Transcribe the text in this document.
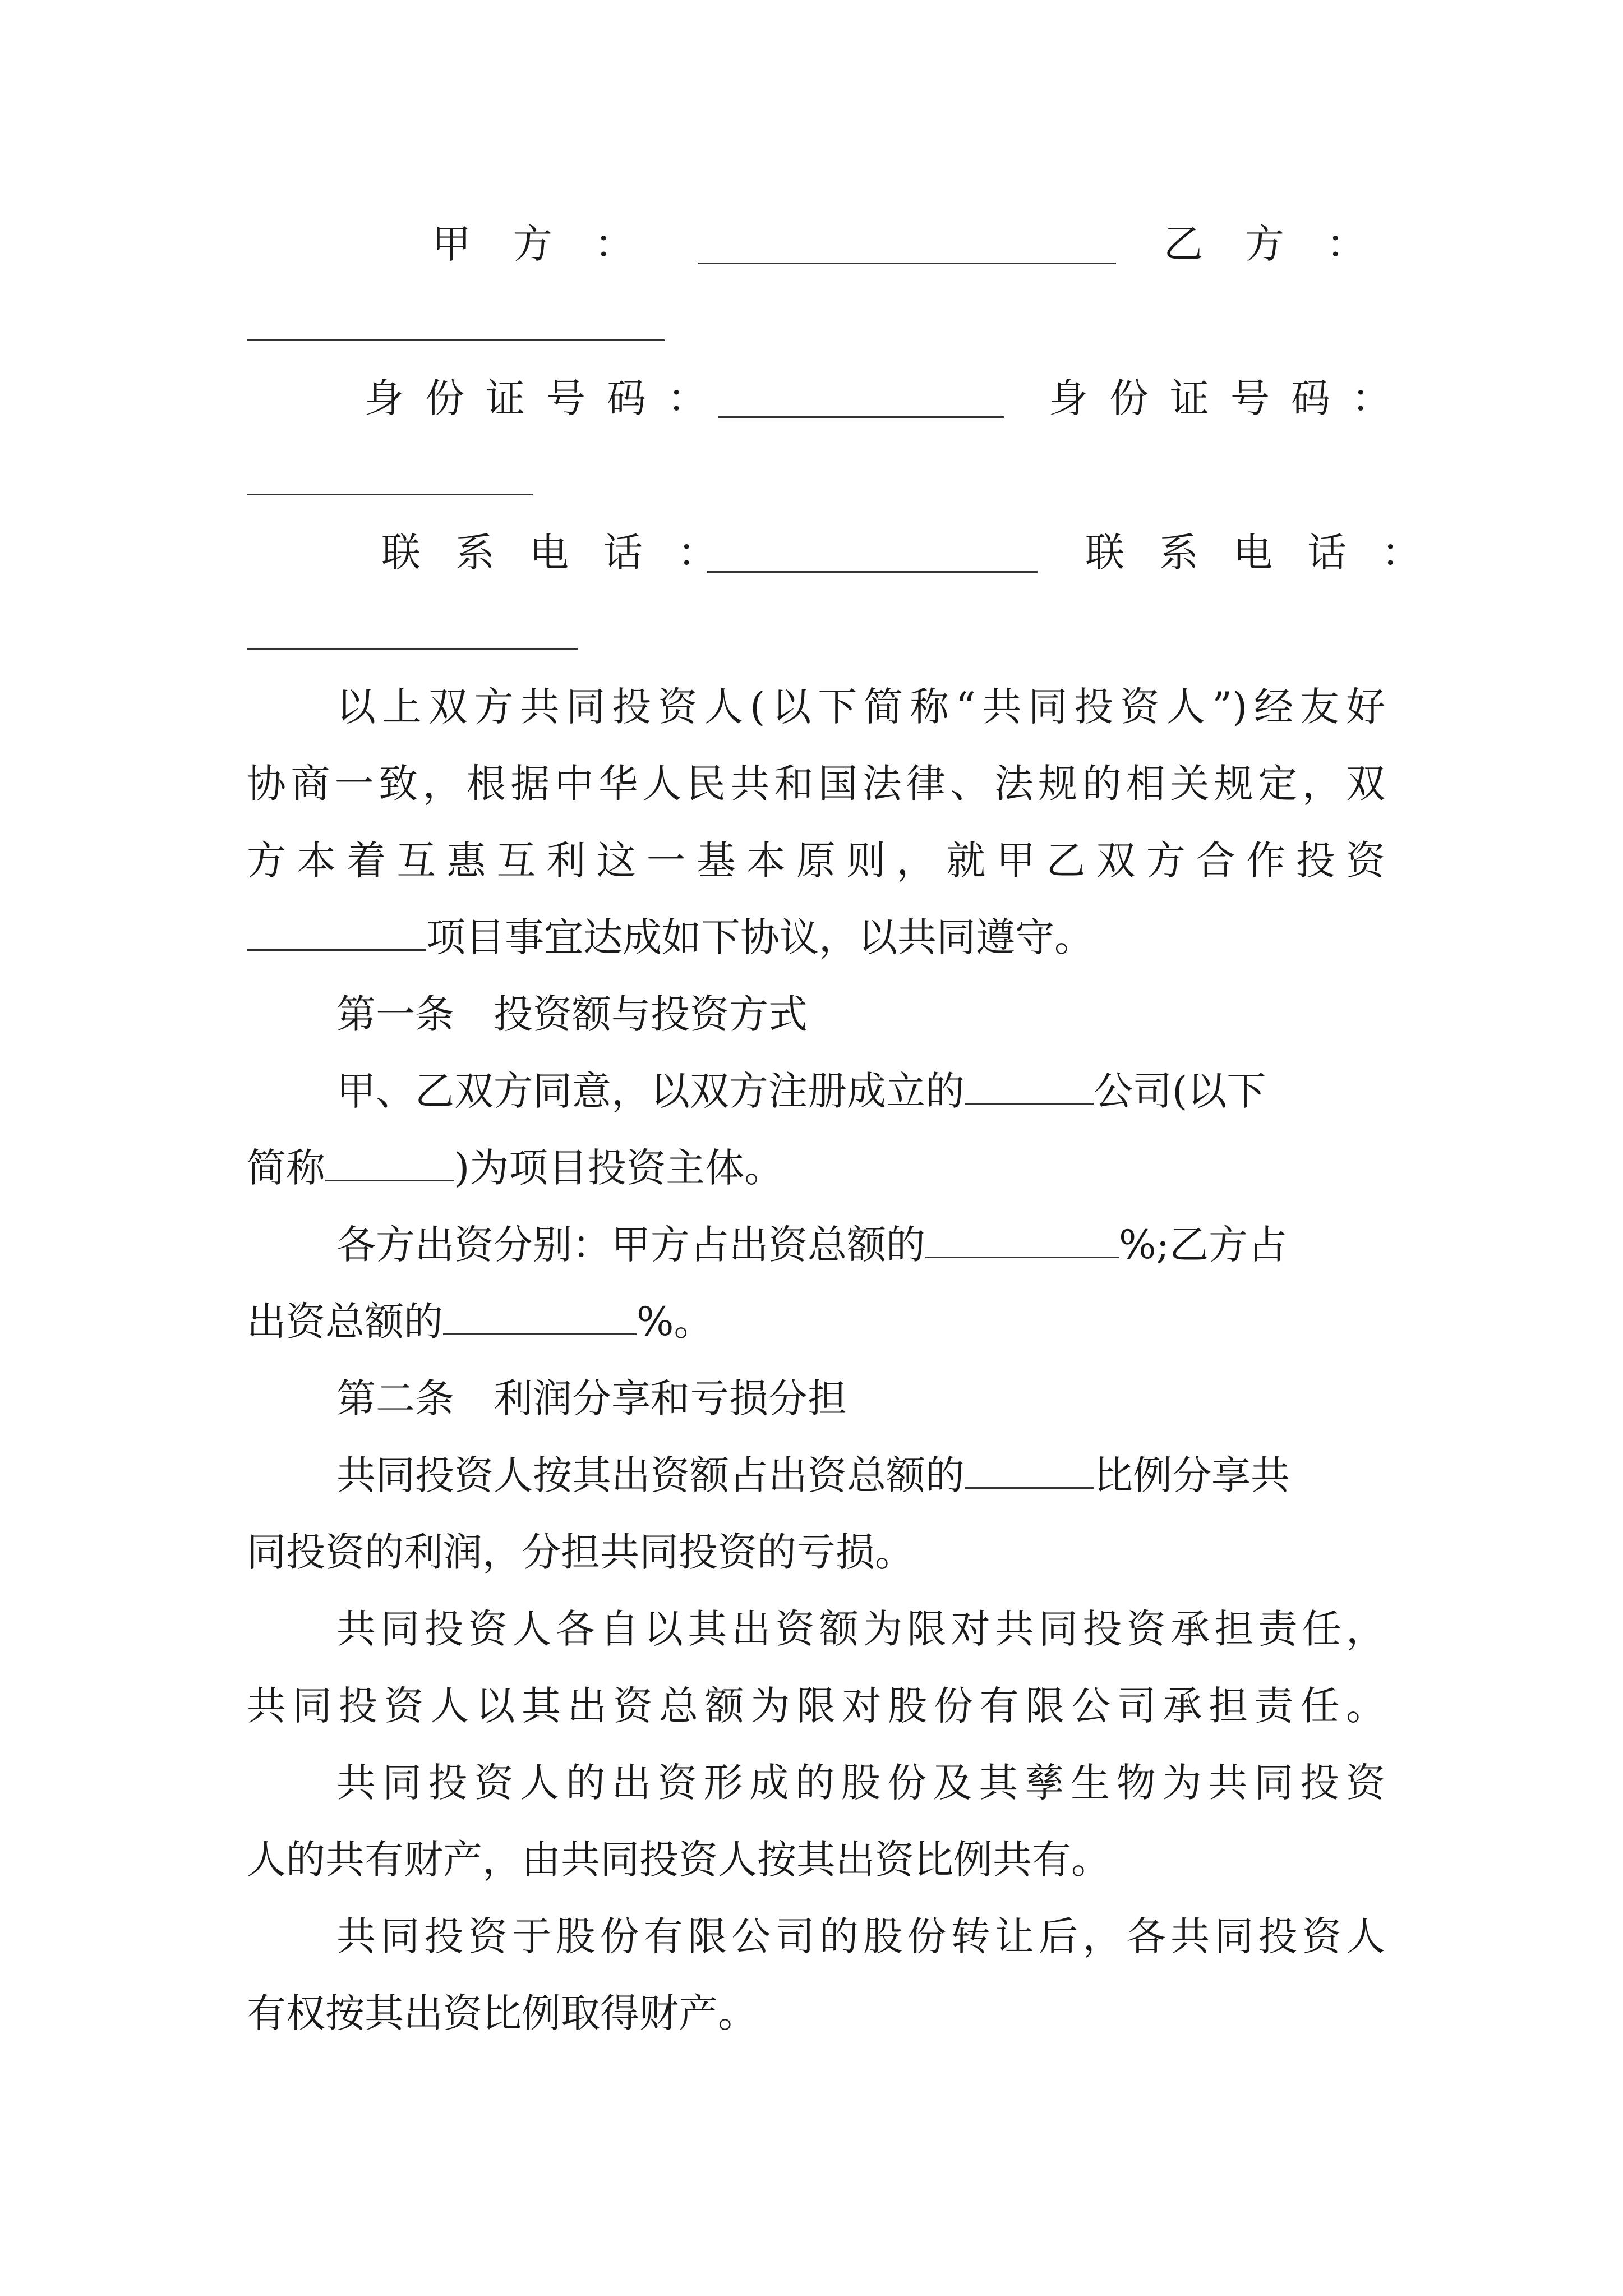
甲方：	乙方：
身份证号码：	身份证号码：
联系电话：	联系电话：
以上双方共同投资人(以下简称“共同投资人”)经友好
协商一致，根据中华人民共和国法律、法规的相关规定，双
方本着互惠互利这一基本原则，就甲乙双方合作投资
项目事宜达成如下协议，以共同遵守。
第一条　投资额与投资方式
甲、乙双方同意，以双方注册成立的	公司(以下
简称	)为项目投资主体。
各方出资分别：甲方占出资总额的	%;乙方占
出资总额的	%。
第二条　利润分享和亏损分担
共同投资人按其出资额占出资总额的	比例分享共
同投资的利润，分担共同投资的亏损。
共同投资人各自以其出资额为限对共同投资承担责任，
共同投资人以其出资总额为限对股份有限公司承担责任。
共同投资人的出资形成的股份及其孳生物为共同投资
人的共有财产，由共同投资人按其出资比例共有。
共同投资于股份有限公司的股份转让后，各共同投资人
有权按其出资比例取得财产。
